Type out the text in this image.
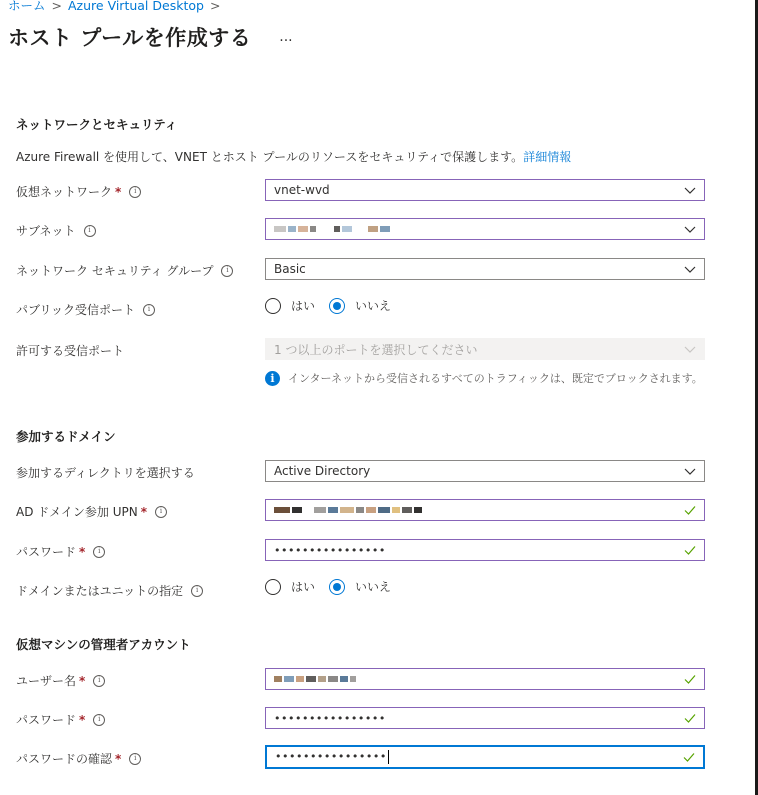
ホーム > Azure Virtual Desktop >
ホスト プールを作成する ...
ネットワークとセキュリティ
Azure Firewall を使用して、VNET とホスト プールのリソースをセキュリティで保護します。詳細情報
仮想ネットワーク *	i	vnet-wvd
サブネット	i
ネットワーク セキュリティ グループ	i	Basic
パブリック受信ポート	i	はい	いいえ
許可する受信ポート	1 つ以上のポートを選択してください
i	インターネットから受信されるすべてのトラフィックは、既定でブロックされます。
参加するドメイン
参加するディレクトリを選択する	Active Directory
AD ドメイン参加 UPN *	i
パスワード *	i	••••••••••••••••
ドメインまたはユニットの指定	i	はい	いいえ
仮想マシンの管理者アカウント
ユーザー名 *	i
パスワード *	i	••••••••••••••••
パスワードの確認 *	i	••••••••••••••••
